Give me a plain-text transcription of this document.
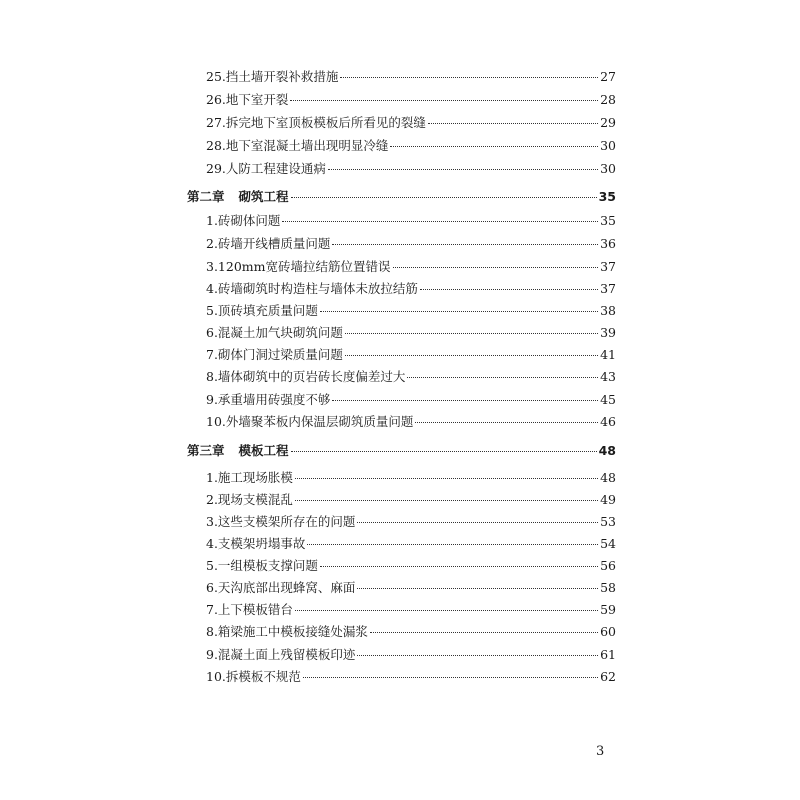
25.挡土墙开裂补救措施	27
26.地下室开裂	28
27.拆完地下室顶板模板后所看见的裂缝	29
28.地下室混凝土墙出现明显冷缝	30
29.人防工程建设通病	30
第二章 砌筑工程	35
1.砖砌体问题	35
2.砖墙开线槽质量问题	36
3.120mm宽砖墙拉结筋位置错误	37
4.砖墙砌筑时构造柱与墙体未放拉结筋	37
5.顶砖填充质量问题	38
6.混凝土加气块砌筑问题	39
7.砌体门洞过梁质量问题	41
8.墙体砌筑中的页岩砖长度偏差过大	43
9.承重墙用砖强度不够	45
10.外墙聚苯板内保温层砌筑质量问题	46
第三章 模板工程	48
1.施工现场胀模	48
2.现场支模混乱	49
3.这些支模架所存在的问题	53
4.支模架坍塌事故	54
5.一组模板支撑问题	56
6.天沟底部出现蜂窝、麻面	58
7.上下模板错台	59
8.箱梁施工中模板接缝处漏浆	60
9.混凝土面上残留模板印迹	61
10.拆模板不规范	62
3
